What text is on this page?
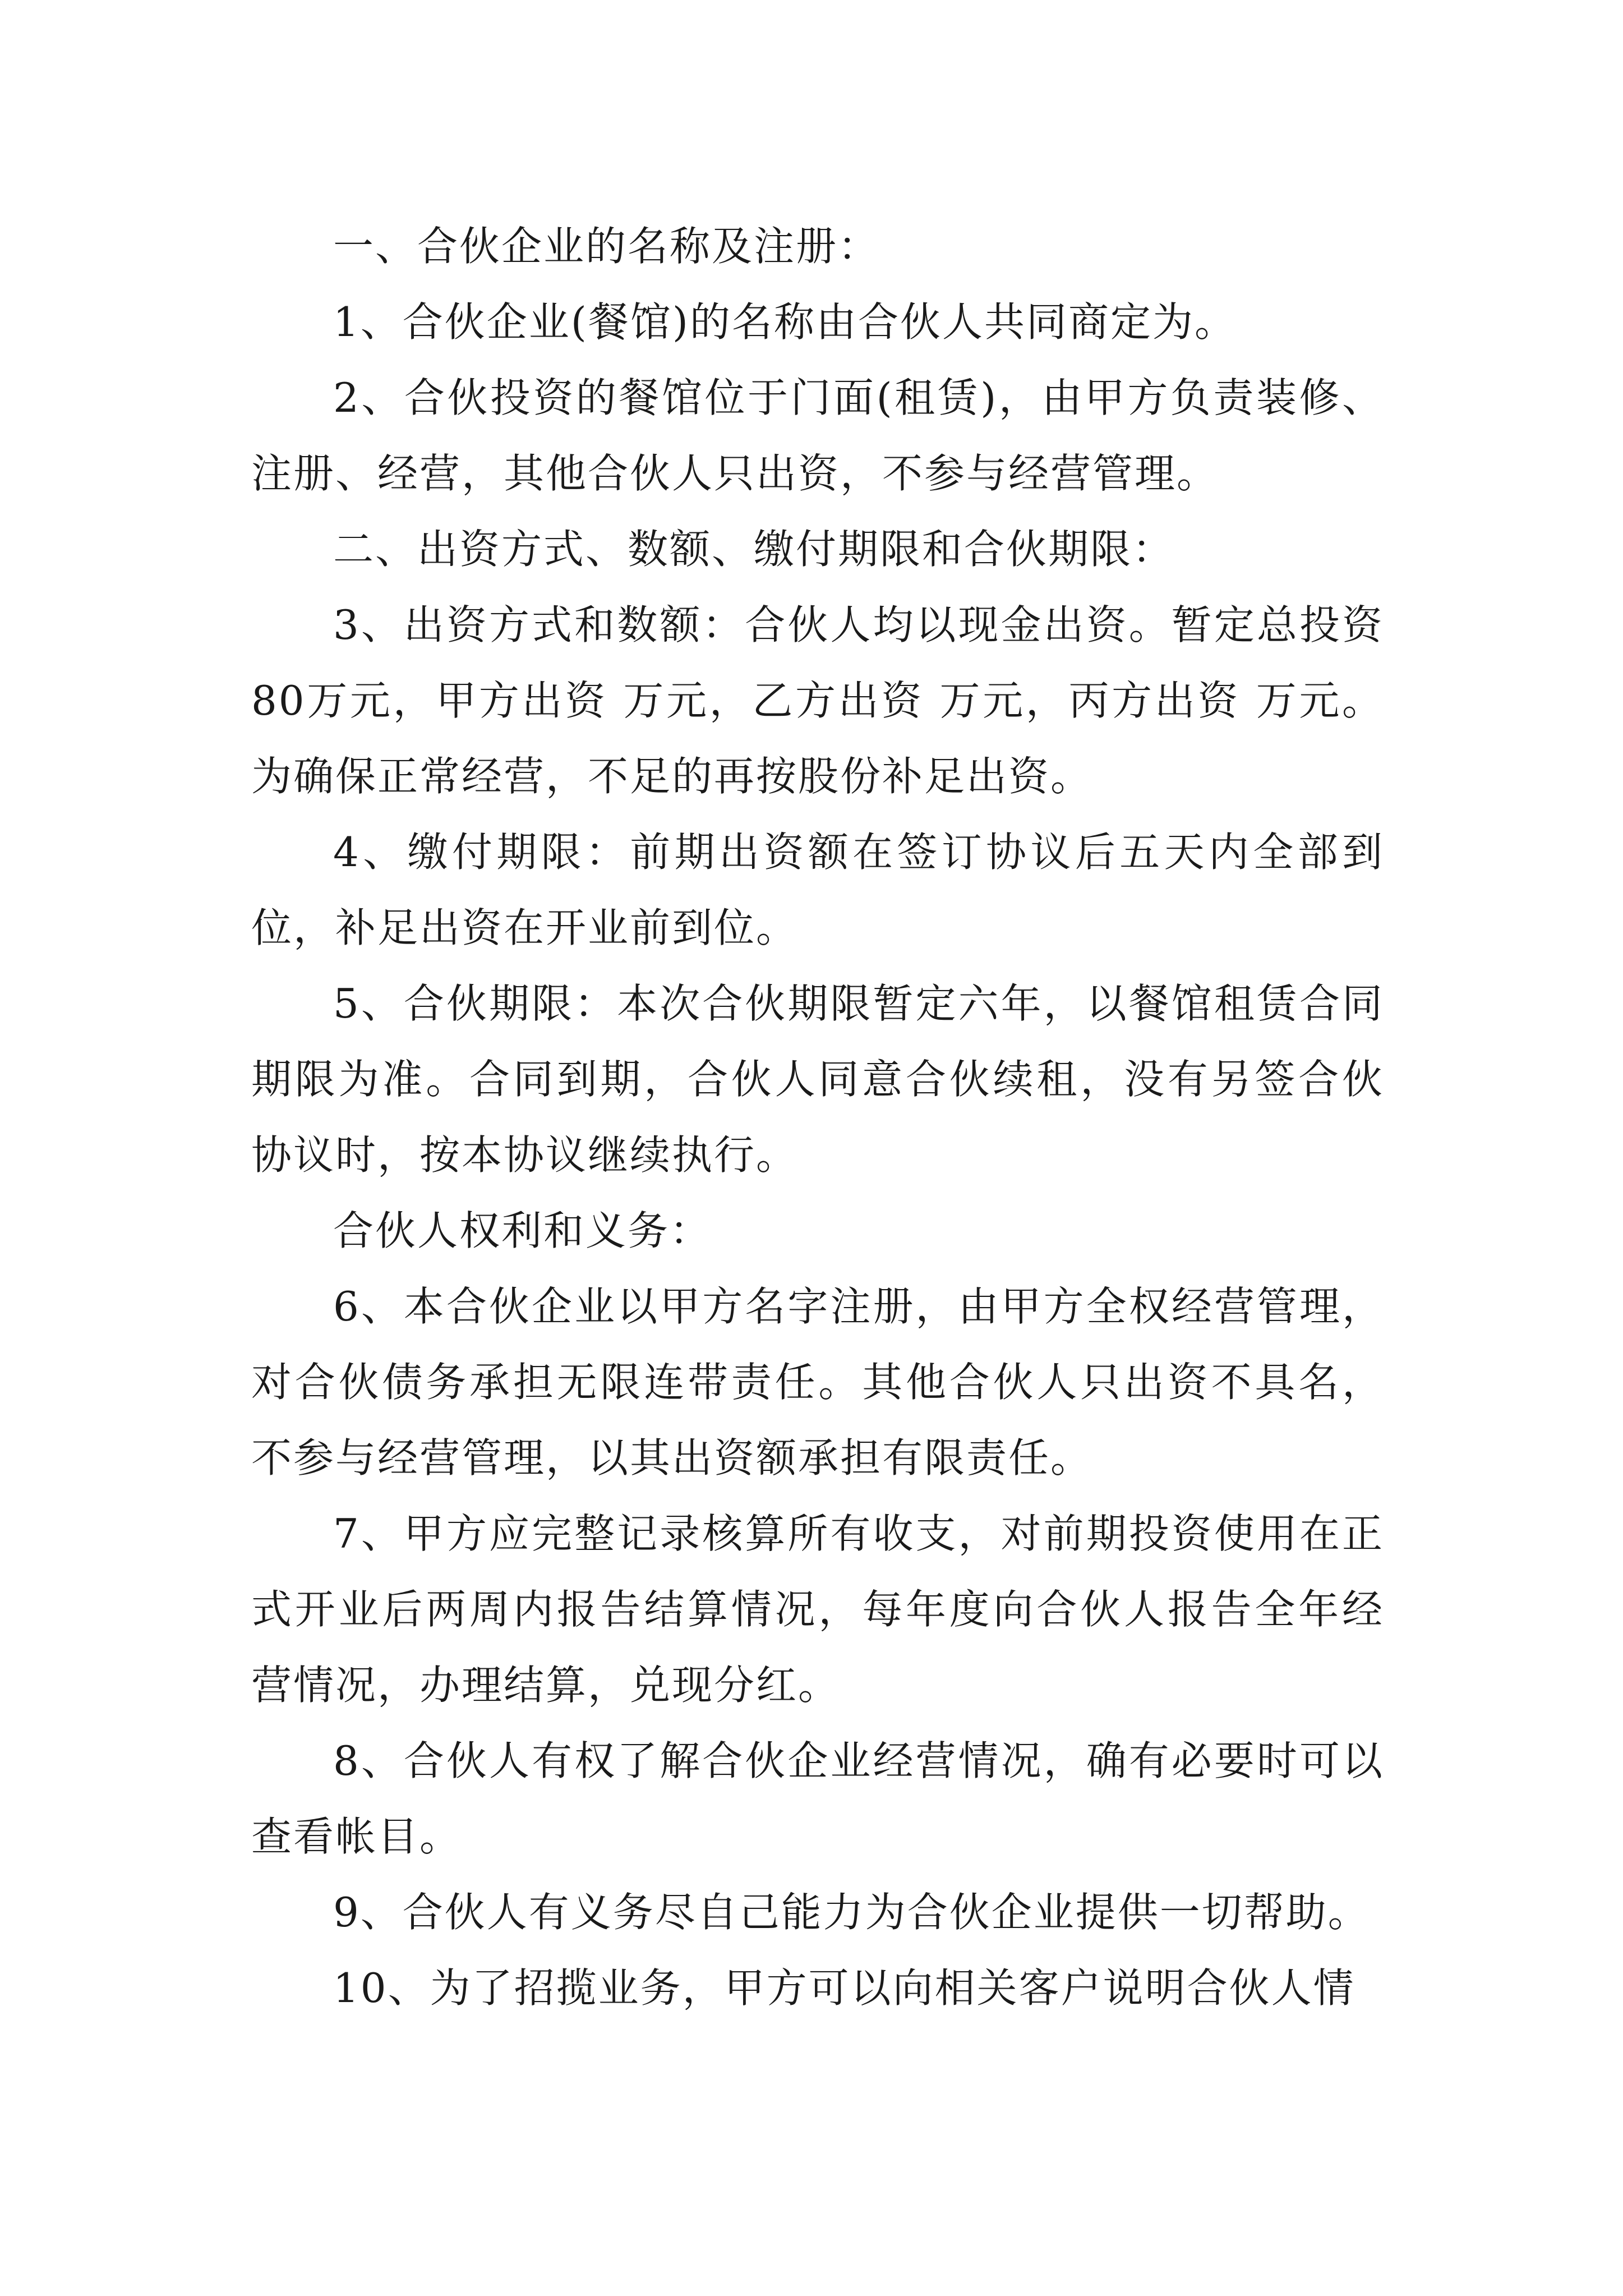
一、合伙企业的名称及注册：

1、合伙企业(餐馆)的名称由合伙人共同商定为。

2、合伙投资的餐馆位于门面(租赁)，由甲方负责装修、注册、经营，其他合伙人只出资，不参与经营管理。

二、出资方式、数额、缴付期限和合伙期限：

3、出资方式和数额：合伙人均以现金出资。暂定总投资80万元，甲方出资 万元，乙方出资 万元，丙方出资 万元。为确保正常经营，不足的再按股份补足出资。

4、缴付期限：前期出资额在签订协议后五天内全部到位，补足出资在开业前到位。

5、合伙期限：本次合伙期限暂定六年，以餐馆租赁合同期限为准。合同到期，合伙人同意合伙续租，没有另签合伙协议时，按本协议继续执行。

合伙人权利和义务：

6、本合伙企业以甲方名字注册，由甲方全权经营管理，对合伙债务承担无限连带责任。其他合伙人只出资不具名，不参与经营管理，以其出资额承担有限责任。

7、甲方应完整记录核算所有收支，对前期投资使用在正式开业后两周内报告结算情况，每年度向合伙人报告全年经营情况，办理结算，兑现分红。

8、合伙人有权了解合伙企业经营情况，确有必要时可以查看帐目。

9、合伙人有义务尽自己能力为合伙企业提供一切帮助。

10、为了招揽业务，甲方可以向相关客户说明合伙人情
